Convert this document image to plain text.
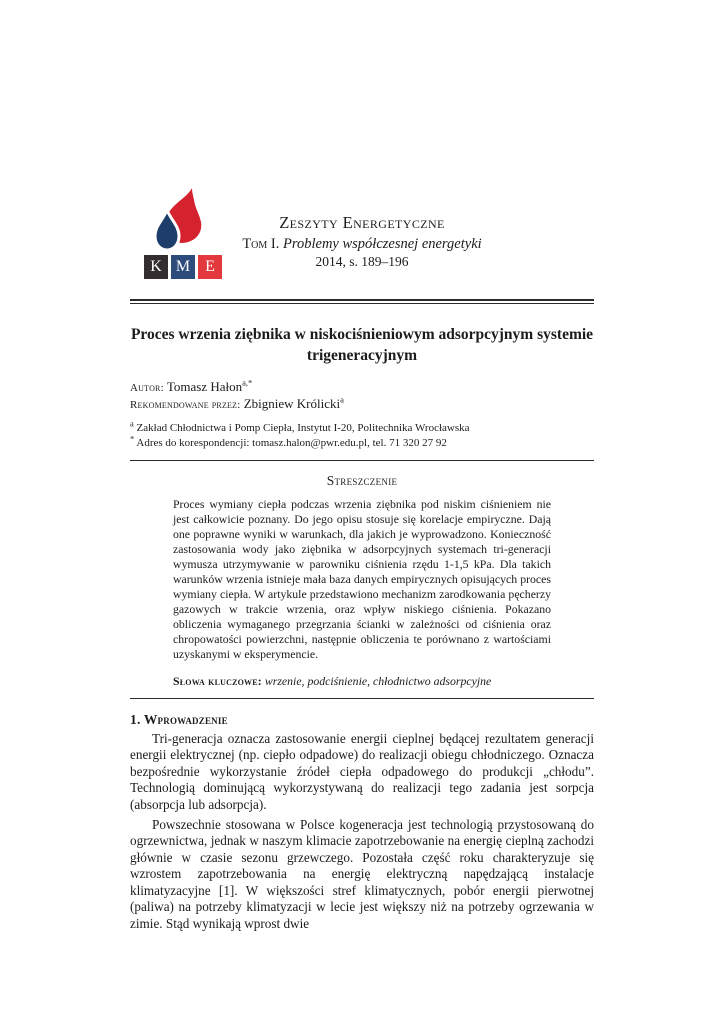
K M E
Zeszyty Energetyczne
Tom I. Problemy współczesnej energetyki
2014, s. 189–196
Proces wrzenia ziębnika w niskociśnieniowym adsorpcyjnym systemie trigeneracyjnym
Autor: Tomasz Hałon$^{a,*}$
Rekomendowane przez: Zbigniew Królicki$^a$
$^a$ Zakład Chłodnictwa i Pomp Ciepła, Instytut I-20, Politechnika Wrocławska
* Adres do korespondencji: tomasz.halon@pwr.edu.pl, tel. 71 320 27 92
Streszczenie

Proces wymiany ciepła podczas wrzenia ziębnika pod niskim ciśnieniem nie jest całkowicie poznany. Do jego opisu stosuje się korelacje empiryczne. Dają one poprawne wyniki w warunkach, dla jakich je wyprowadzono. Konieczność zastosowania wody jako ziębnika w adsorpcyjnych systemach tri-generacji wymusza utrzymywanie w parowniku ciśnienia rzędu 1-1,5 kPa. Dla takich warunków wrzenia istnieje mała baza danych empirycznych opisujących proces wymiany ciepła. W artykule przedstawiono mechanizm zarodkowania pęcherzy gazowych w trakcie wrzenia, oraz wpływ niskiego ciśnienia. Pokazano obliczenia wymaganego przegrzania ścianki w zależności od ciśnienia oraz chropowatości powierzchni, następnie obliczenia te porównano z wartościami uzyskanymi w eksperymencie.

Słowa kluczowe: wrzenie, podciśnienie, chłodnictwo adsorpcyjne
1. Wprowadzenie

Tri-generacja oznacza zastosowanie energii cieplnej będącej rezultatem generacji energii elektrycznej (np. ciepło odpadowe) do realizacji obiegu chłodniczego. Oznacza bezpośrednie wykorzystanie źródeł ciepła odpadowego do produkcji „chłodu”. Technologią dominującą wykorzystywaną do realizacji tego zadania jest sorpcja (absorpcja lub adsorpcja).

Powszechnie stosowana w Polsce kogeneracja jest technologią przystosowaną do ogrzewnictwa, jednak w naszym klimacie zapotrzebowanie na energię cieplną zachodzi głównie w czasie sezonu grzewczego. Pozostała część roku charakteryzuje się wzrostem zapotrzebowania na energię elektryczną napędzającą instalacje klimatyzacyjne [1]. W większości stref klimatycznych, pobór energii pierwotnej (paliwa) na potrzeby klimatyzacji w lecie jest większy niż na potrzeby ogrzewania w zimie. Stąd wynikają wprost dwie
